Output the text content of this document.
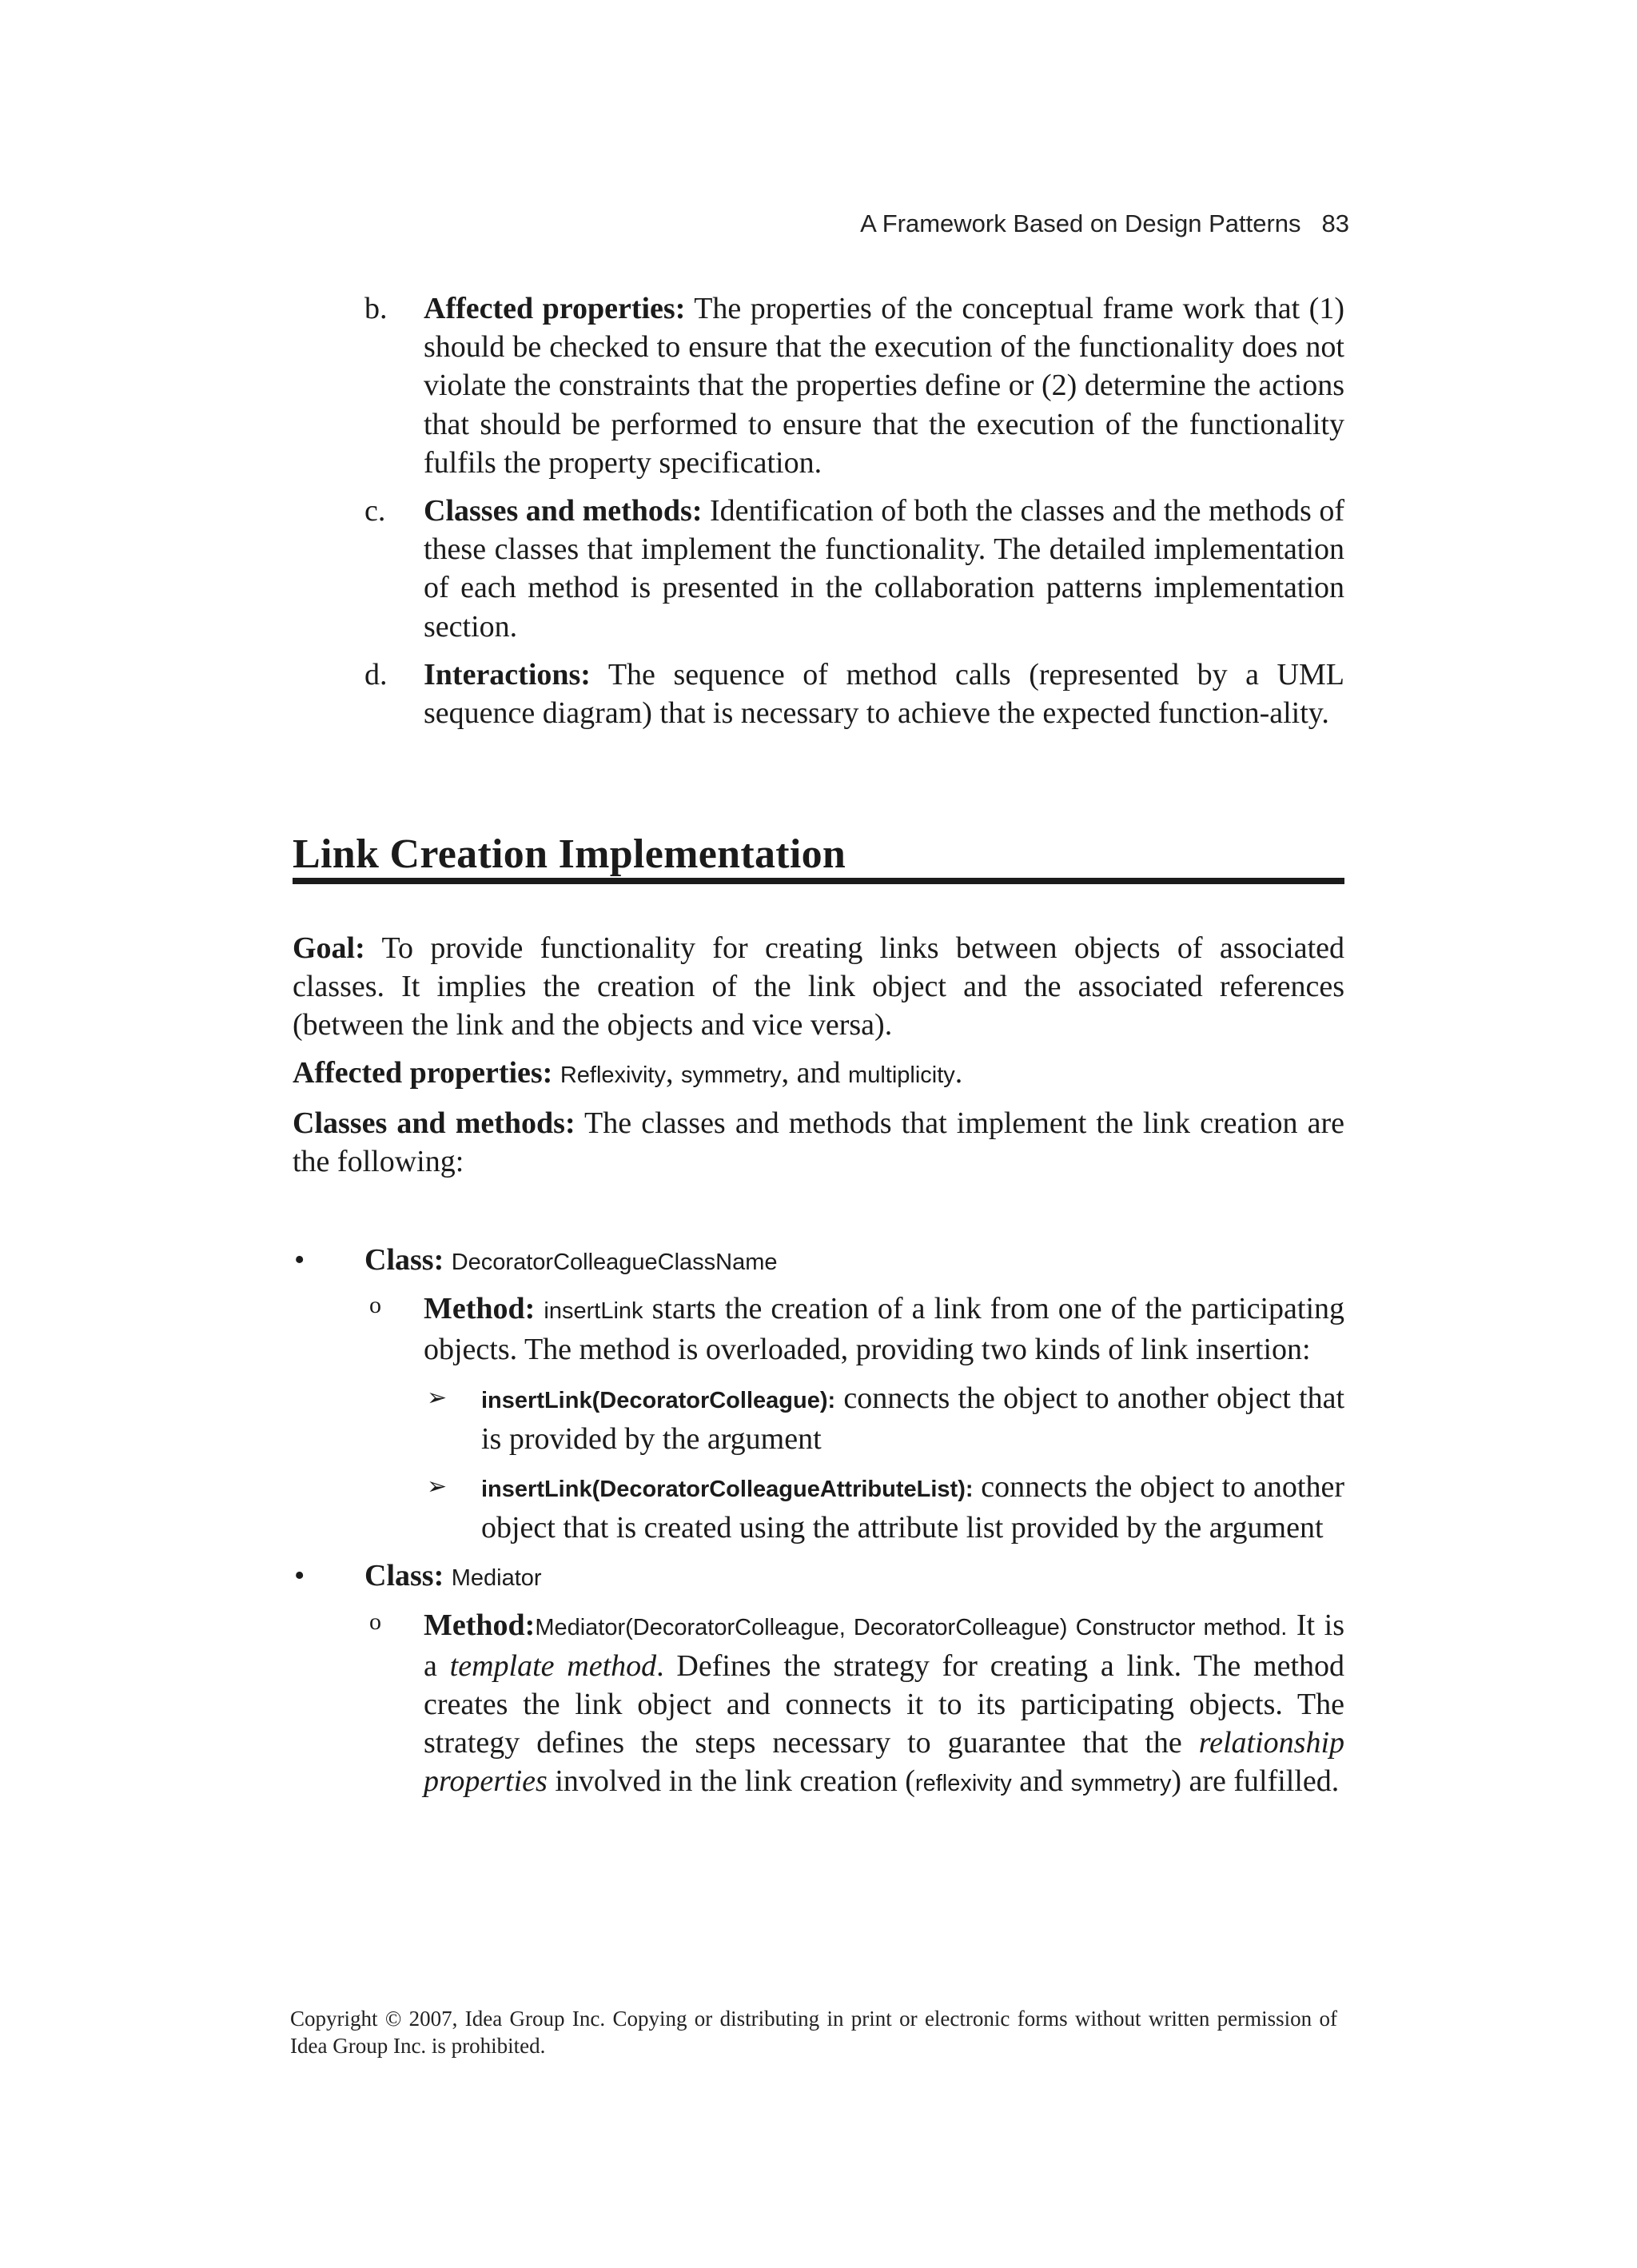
A Framework Based on Design Patterns 83
b.	Affected properties: The properties of the conceptual frame work that (1) should be checked to ensure that the execution of the functionality does not violate the constraints that the properties define or (2) determine the actions that should be performed to ensure that the execution of the functionality fulfils the property specification.
c.	Classes and methods: Identification of both the classes and the methods of these classes that implement the functionality. The detailed implementation of each method is presented in the collaboration patterns implementation section.
d.	Interactions: The sequence of method calls (represented by a UML sequence diagram) that is necessary to achieve the expected function-ality.
Link Creation Implementation

Goal: To provide functionality for creating links between objects of associated classes. It implies the creation of the link object and the associated references (between the link and the objects and vice versa).

Affected properties: Reflexivity, symmetry, and multiplicity.

Classes and methods: The classes and methods that implement the link creation are the following:

•	Class: DecoratorColleagueClassName
o	Method: insertLink starts the creation of a link from one of the participating objects. The method is overloaded, providing two kinds of link insertion:
➢	insertLink(DecoratorColleague): connects the object to another object that is provided by the argument
➢	insertLink(DecoratorColleagueAttributeList): connects the object to another object that is created using the attribute list provided by the argument
•	Class: Mediator
o	Method:Mediator(DecoratorColleague, DecoratorColleague) Constructor method. It is a template method. Defines the strategy for creating a link. The method creates the link object and connects it to its participating objects. The strategy defines the steps necessary to guarantee that the relationship properties involved in the link creation (reflexivity and symmetry) are fulfilled.
Copyright © 2007, Idea Group Inc. Copying or distributing in print or electronic forms without written permission of Idea Group Inc. is prohibited.
